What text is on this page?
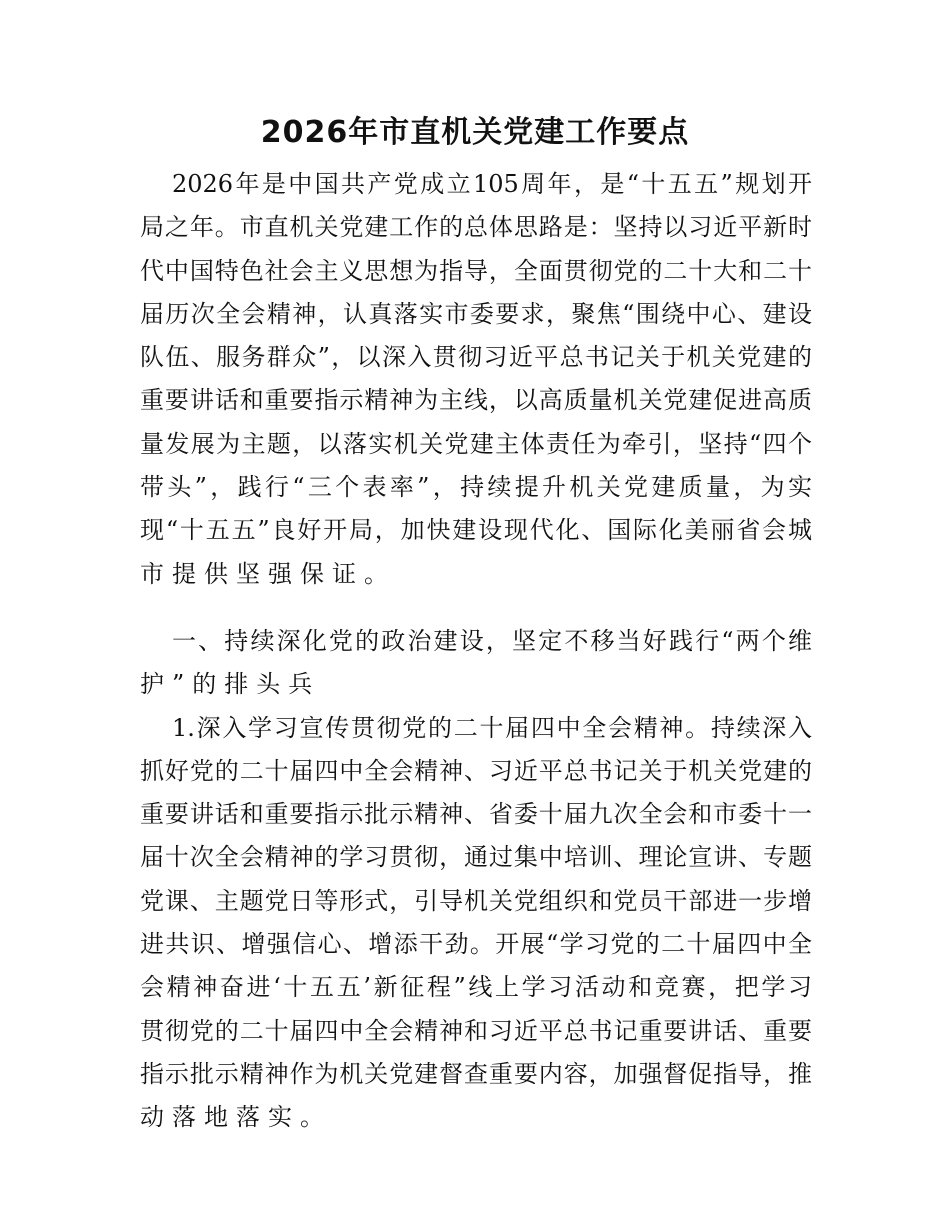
2026年市直机关党建工作要点
2026年是中国共产党成立105周年，是“十五五”规划开
局之年。市直机关党建工作的总体思路是：坚持以习近平新时
代中国特色社会主义思想为指导，全面贯彻党的二十大和二十
届历次全会精神，认真落实市委要求，聚焦“围绕中心、建设
队伍、服务群众”，以深入贯彻习近平总书记关于机关党建的
重要讲话和重要指示精神为主线，以高质量机关党建促进高质
量发展为主题，以落实机关党建主体责任为牵引，坚持“四个
带头”，践行“三个表率”，持续提升机关党建质量，为实
现“十五五”良好开局，加快建设现代化、国际化美丽省会城
市提供坚强保证。
一、持续深化党的政治建设，坚定不移当好践行“两个维
护”的排头兵
1.深入学习宣传贯彻党的二十届四中全会精神。持续深入
抓好党的二十届四中全会精神、习近平总书记关于机关党建的
重要讲话和重要指示批示精神、省委十届九次全会和市委十一
届十次全会精神的学习贯彻，通过集中培训、理论宣讲、专题
党课、主题党日等形式，引导机关党组织和党员干部进一步增
进共识、增强信心、增添干劲。开展“学习党的二十届四中全
会精神奋进‘十五五’新征程”线上学习活动和竞赛，把学习
贯彻党的二十届四中全会精神和习近平总书记重要讲话、重要
指示批示精神作为机关党建督查重要内容，加强督促指导，推
动落地落实。
